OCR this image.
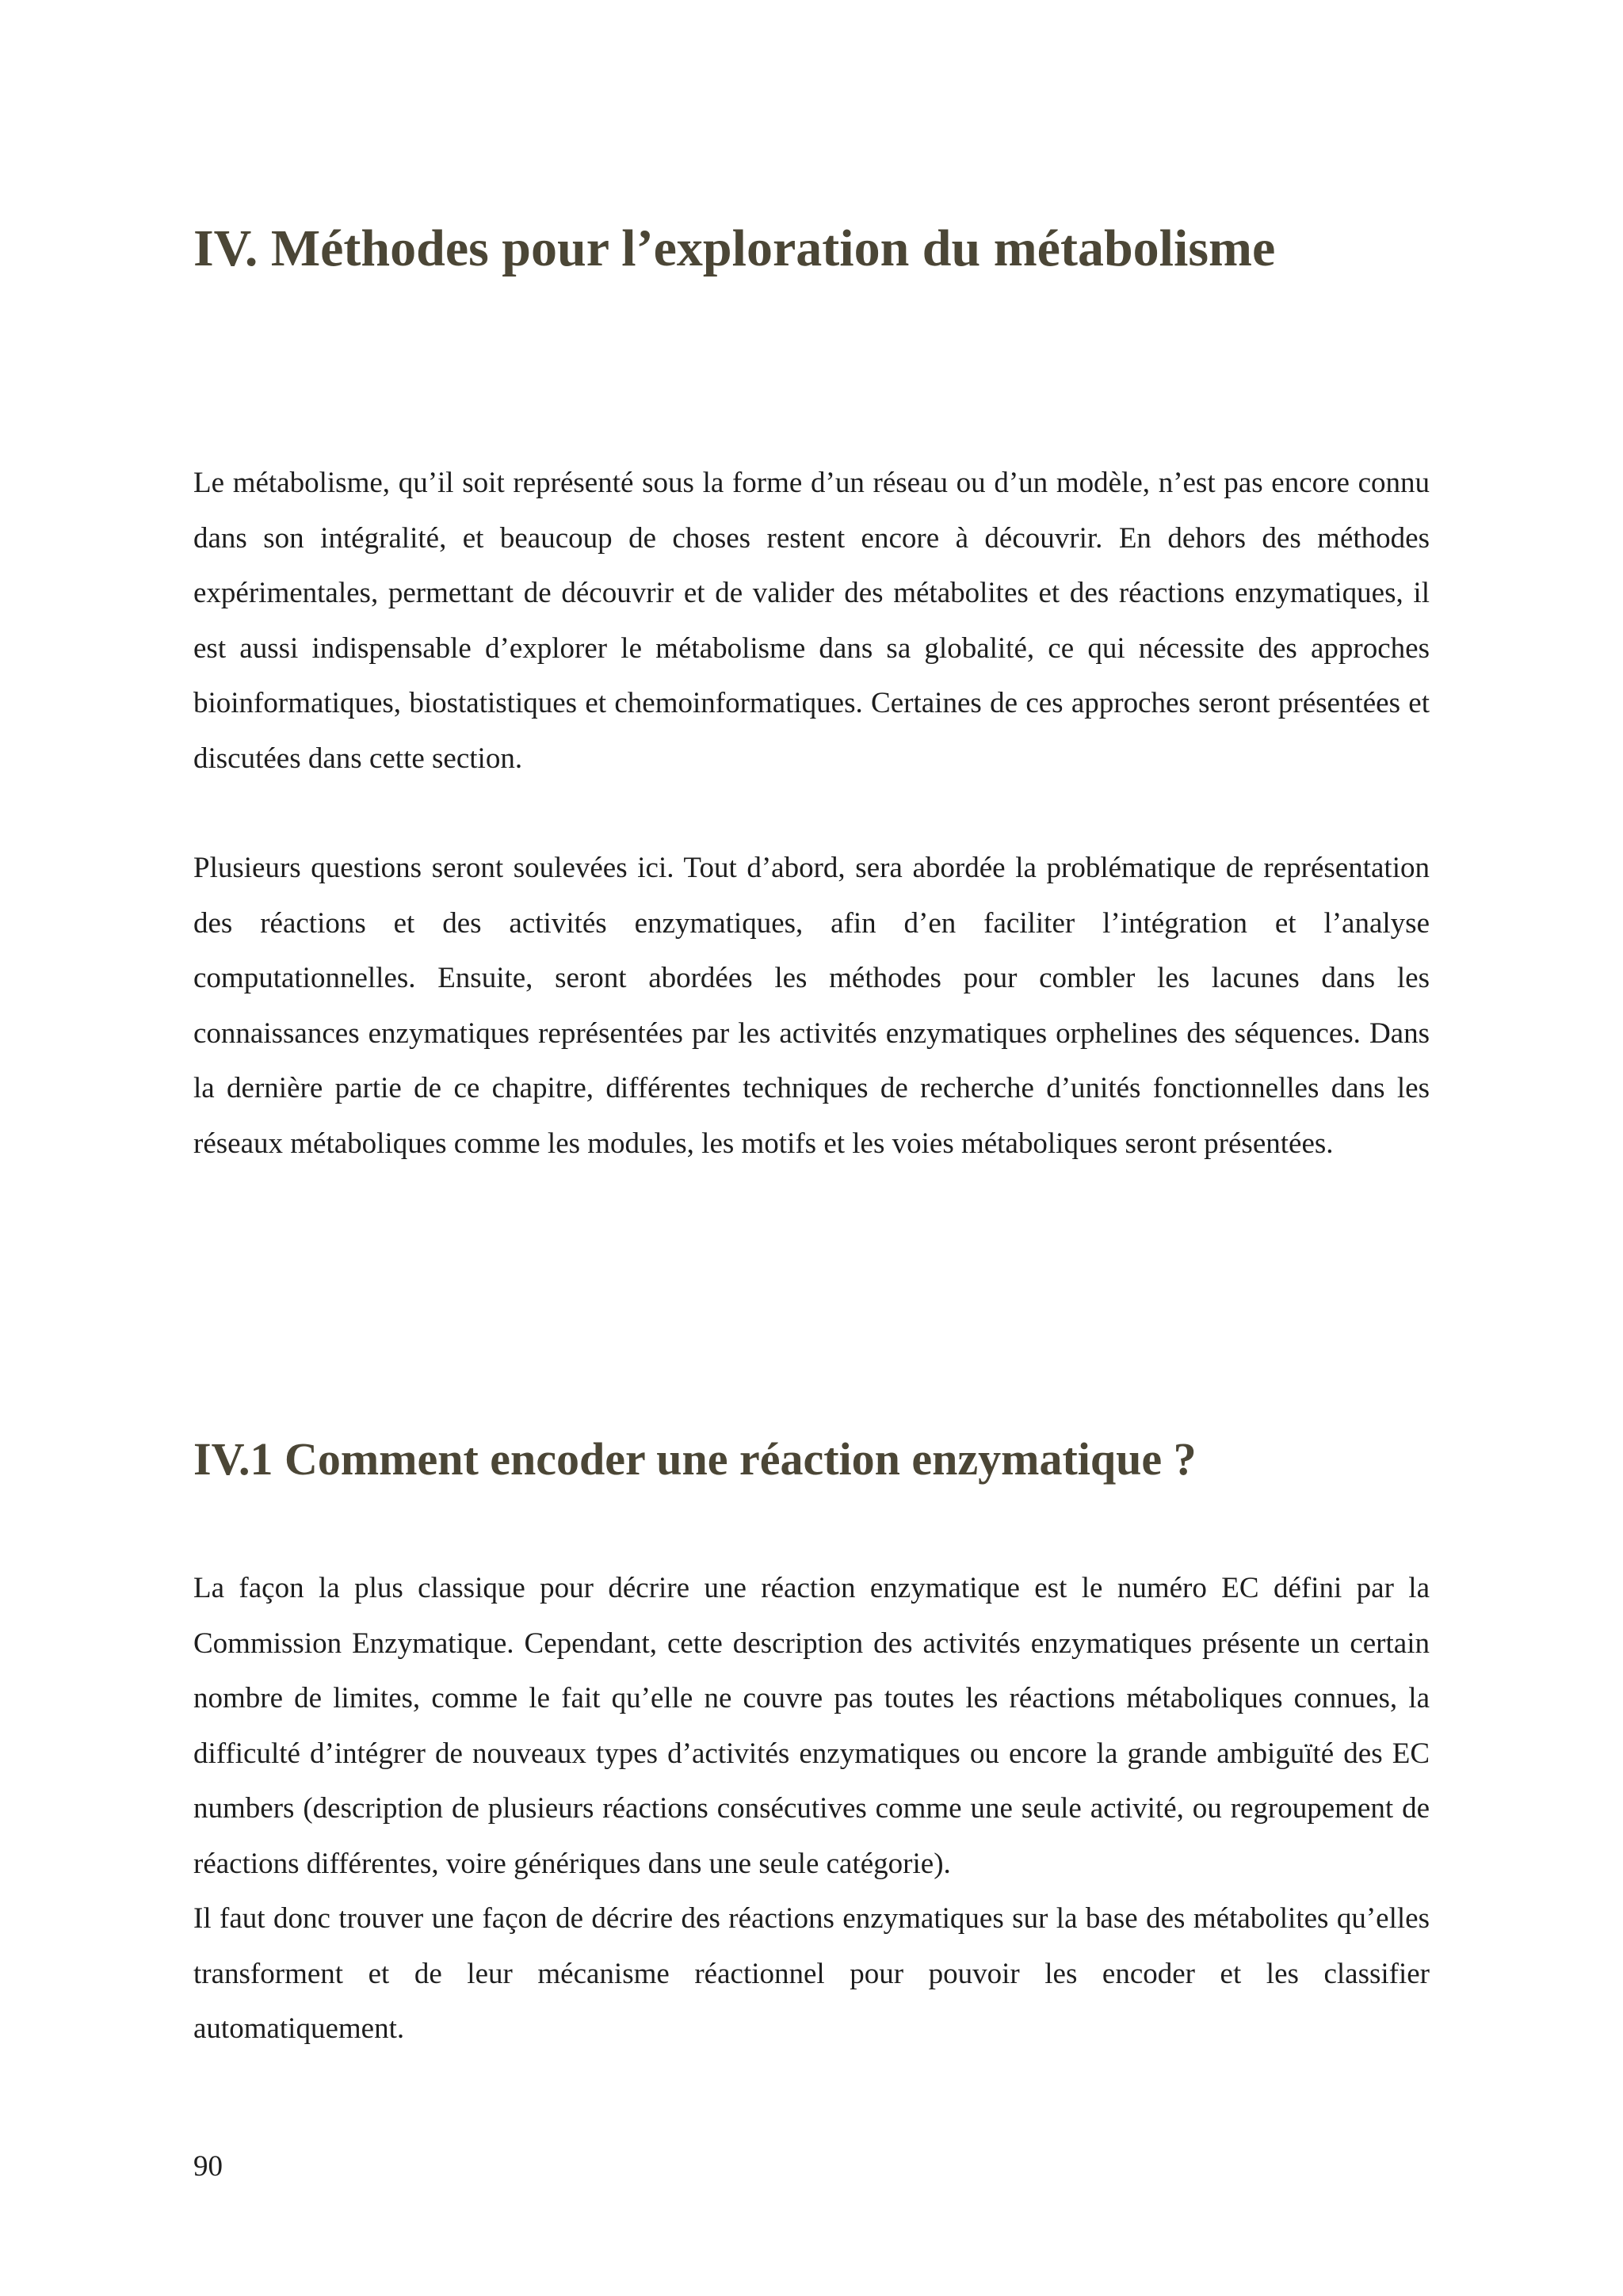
IV. Méthodes pour l’exploration du métabolisme

Le métabolisme, qu’il soit représenté sous la forme d’un réseau ou d’un modèle, n’est pas encore connu dans son intégralité, et beaucoup de choses restent encore à découvrir. En dehors des méthodes expérimentales, permettant de découvrir et de valider des métabolites et des réactions enzymatiques, il est aussi indispensable d’explorer le métabolisme dans sa globalité, ce qui nécessite des approches bioinformatiques, biostatistiques et chemoinformatiques. Certaines de ces approches seront présentées et discutées dans cette section.

Plusieurs questions seront soulevées ici. Tout d’abord, sera abordée la problématique de représentation des réactions et des activités enzymatiques, afin d’en faciliter l’intégration et l’analyse computationnelles. Ensuite, seront abordées les méthodes pour combler les lacunes dans les connaissances enzymatiques représentées par les activités enzymatiques orphelines des séquences. Dans la dernière partie de ce chapitre, différentes techniques de recherche d’unités fonctionnelles dans les réseaux métaboliques comme les modules, les motifs et les voies métaboliques seront présentées.

IV.1 Comment encoder une réaction enzymatique ?

La façon la plus classique pour décrire une réaction enzymatique est le numéro EC défini par la Commission Enzymatique. Cependant, cette description des activités enzymatiques présente un certain nombre de limites, comme le fait qu’elle ne couvre pas toutes les réactions métaboliques connues, la difficulté d’intégrer de nouveaux types d’activités enzymatiques ou encore la grande ambiguïté des EC numbers (description de plusieurs réactions consécutives comme une seule activité, ou regroupement de réactions différentes, voire génériques dans une seule catégorie).

Il faut donc trouver une façon de décrire des réactions enzymatiques sur la base des métabolites qu’elles transforment et de leur mécanisme réactionnel pour pouvoir les encoder et les classifier automatiquement.

90
